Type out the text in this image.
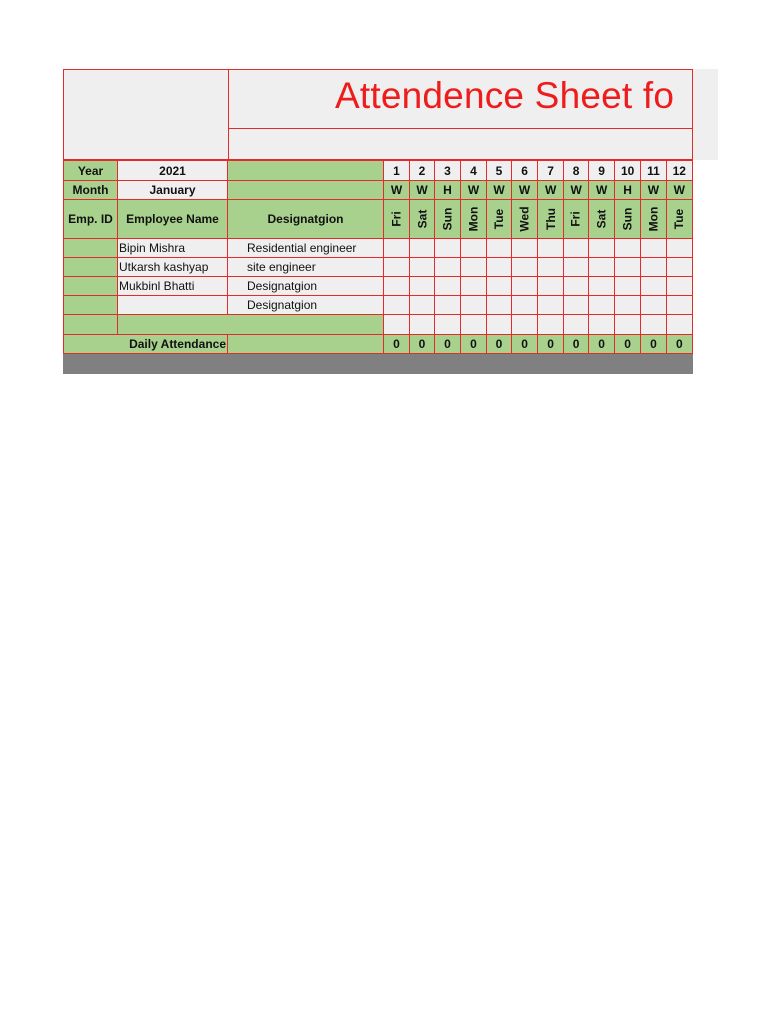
Attendence Sheet fo
Year	2021		1	2	3	4	5	6	7	8	9	10	11	12
Month	January		W	W	H	W	W	W	W	W	W	H	W	W
Emp. ID	Employee Name	Designatgion	Fri	Sat	Sun	Mon	Tue	Wed	Thu	Fri	Sat	Sun	Mon	Tue
	Bipin Mishra	Residential engineer												
	Utkarsh kashyap	site engineer												
	Mukbinl Bhatti	Designatgion												
		Designatgion												

Daily Attendance			0	0	0	0	0	0	0	0	0	0	0	0
